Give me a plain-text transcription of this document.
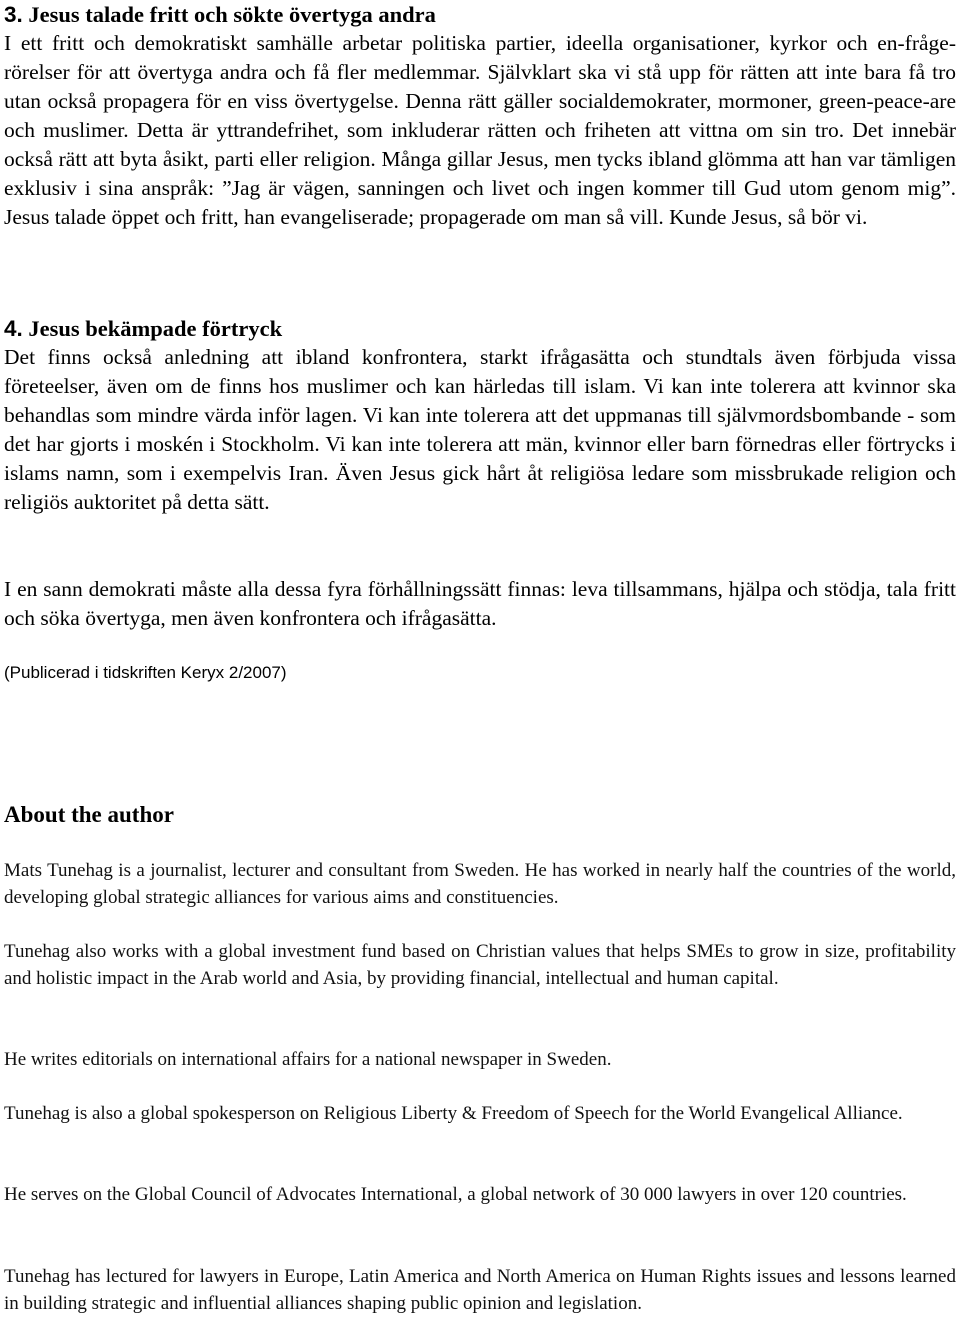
3. Jesus talade fritt och sökte övertyga andra

I ett fritt och demokratiskt samhälle arbetar politiska partier, ideella organisationer, kyrkor och en-fråge-rörelser för att övertyga andra och få fler medlemmar. Självklart ska vi stå upp för rätten att inte bara få tro utan också propagera för en viss övertygelse. Denna rätt gäller socialdemokrater, mormoner, green-peace-are och muslimer. Detta är yttrandefrihet, som inkluderar rätten och friheten att vittna om sin tro. Det innebär också rätt att byta åsikt, parti eller religion. Många gillar Jesus, men tycks ibland glömma att han var tämligen exklusiv i sina anspråk: ”Jag är vägen, sanningen och livet och ingen kommer till Gud utom genom mig”. Jesus talade öppet och fritt, han evangeliserade; propagerade om man så vill. Kunde Jesus, så bör vi.

4. Jesus bekämpade förtryck

Det finns också anledning att ibland konfrontera, starkt ifrågasätta och stundtals även förbjuda vissa företeelser, även om de finns hos muslimer och kan härledas till islam. Vi kan inte tolerera att kvinnor ska behandlas som mindre värda inför lagen. Vi kan inte tolerera att det uppmanas till självmordsbombande - som det har gjorts i moskén i Stockholm. Vi kan inte tolerera att män, kvinnor eller barn förnedras eller förtrycks i islams namn, som i exempelvis Iran. Även Jesus gick hårt åt religiösa ledare som missbrukade religion och religiös auktoritet på detta sätt.

I en sann demokrati måste alla dessa fyra förhållningssätt finnas: leva tillsammans, hjälpa och stödja, tala fritt och söka övertyga, men även konfrontera och ifrågasätta.

(Publicerad i tidskriften Keryx 2/2007)

About the author

Mats Tunehag is a journalist, lecturer and consultant from Sweden. He has worked in nearly half the countries of the world, developing global strategic alliances for various aims and constituencies.

Tunehag also works with a global investment fund based on Christian values that helps SMEs to grow in size, profitability and holistic impact in the Arab world and Asia, by providing financial, intellectual and human capital.

He writes editorials on international affairs for a national newspaper in Sweden.

Tunehag is also a global spokesperson on Religious Liberty & Freedom of Speech for the World Evangelical Alliance.

He serves on the Global Council of Advocates International, a global network of 30 000 lawyers in over 120 countries.

Tunehag has lectured for lawyers in Europe, Latin America and North America on Human Rights issues and lessons learned in building strategic and influential alliances shaping public opinion and legislation.
